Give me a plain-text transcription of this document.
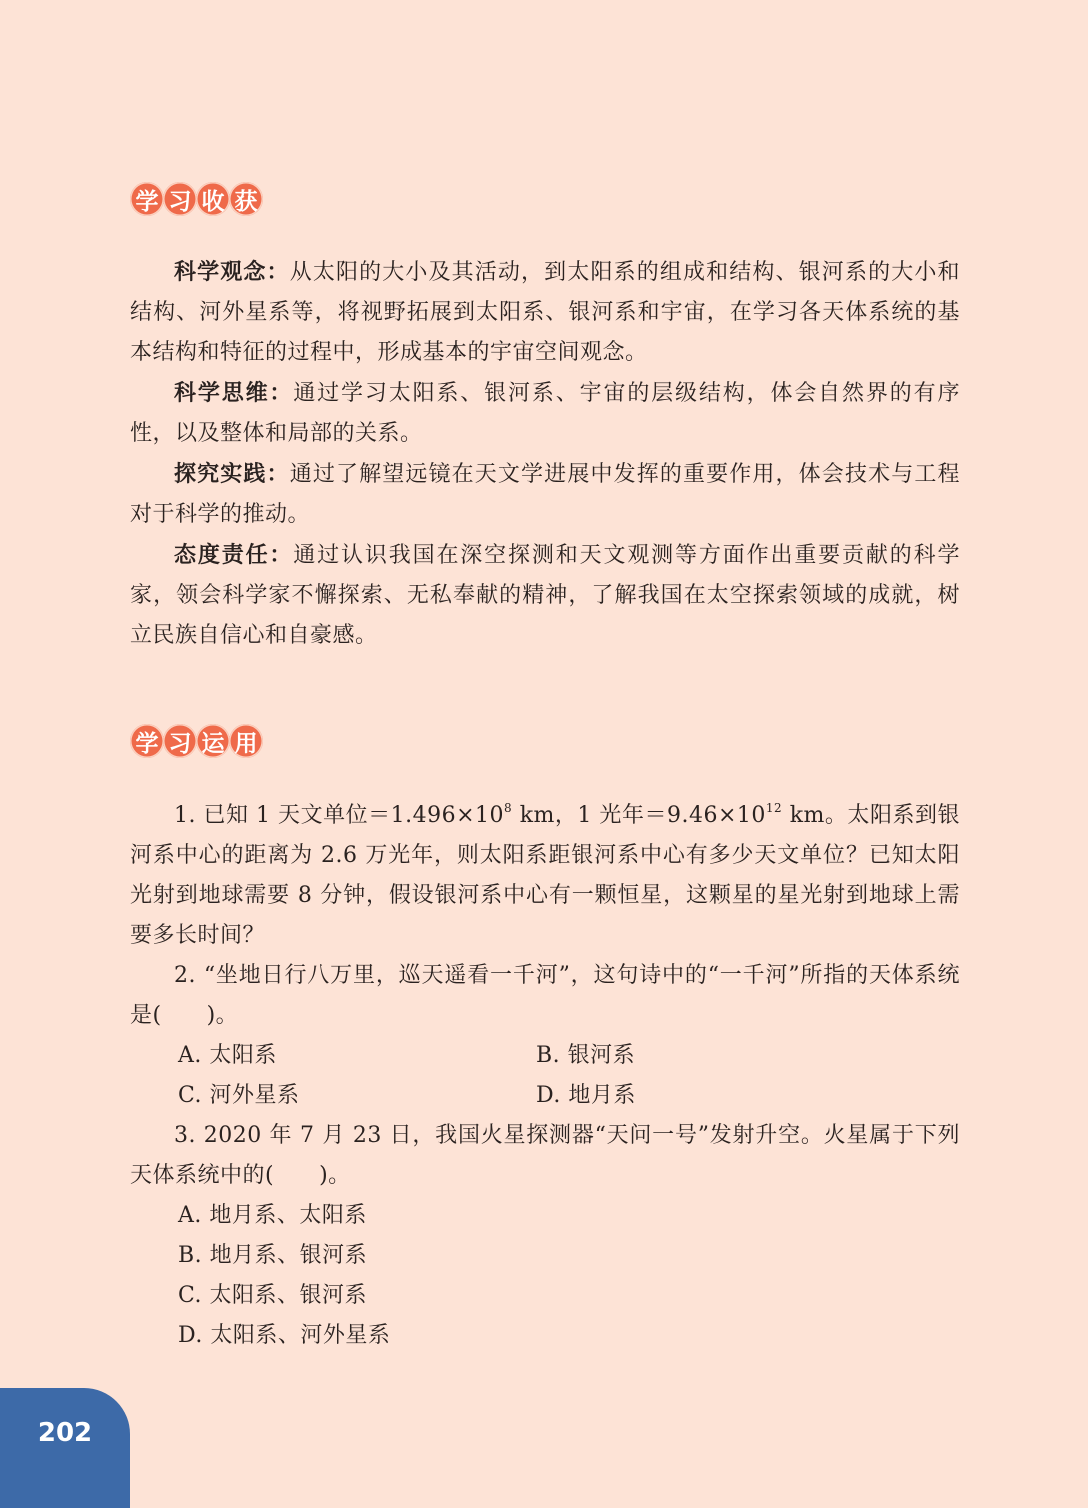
学 习 收 获

科学观念：从太阳的大小及其活动，到太阳系的组成和结构、银河系的大小和结构、河外星系等，将视野拓展到太阳系、银河系和宇宙，在学习各天体系统的基本结构和特征的过程中，形成基本的宇宙空间观念。

科学思维：通过学习太阳系、银河系、宇宙的层级结构，体会自然界的有序性，以及整体和局部的关系。

探究实践：通过了解望远镜在天文学进展中发挥的重要作用，体会技术与工程对于科学的推动。

态度责任：通过认识我国在深空探测和天文观测等方面作出重要贡献的科学家，领会科学家不懈探索、无私奉献的精神，了解我国在太空探索领域的成就，树立民族自信心和自豪感。

学 习 运 用

1. 已知 1 天文单位$=1.496\times 10^8$ km，1 光年$=9.46\times 10^{12}$ km。太阳系到银河系中心的距离为 2.6 万光年，则太阳系距银河系中心有多少天文单位？已知太阳光射到地球需要 8 分钟，假设银河系中心有一颗恒星，这颗星的星光射到地球上需要多长时间？

2. “坐地日行八万里，巡天遥看一千河”，这句诗中的“一千河”所指的天体系统是(　　)。

A. 太阳系	B. 银河系
C. 河外星系	D. 地月系

3. 2020 年 7 月 23 日，我国火星探测器“天问一号”发射升空。火星属于下列天体系统中的(　　)。

A. 地月系、太阳系
B. 地月系、银河系
C. 太阳系、银河系
D. 太阳系、河外星系
202
